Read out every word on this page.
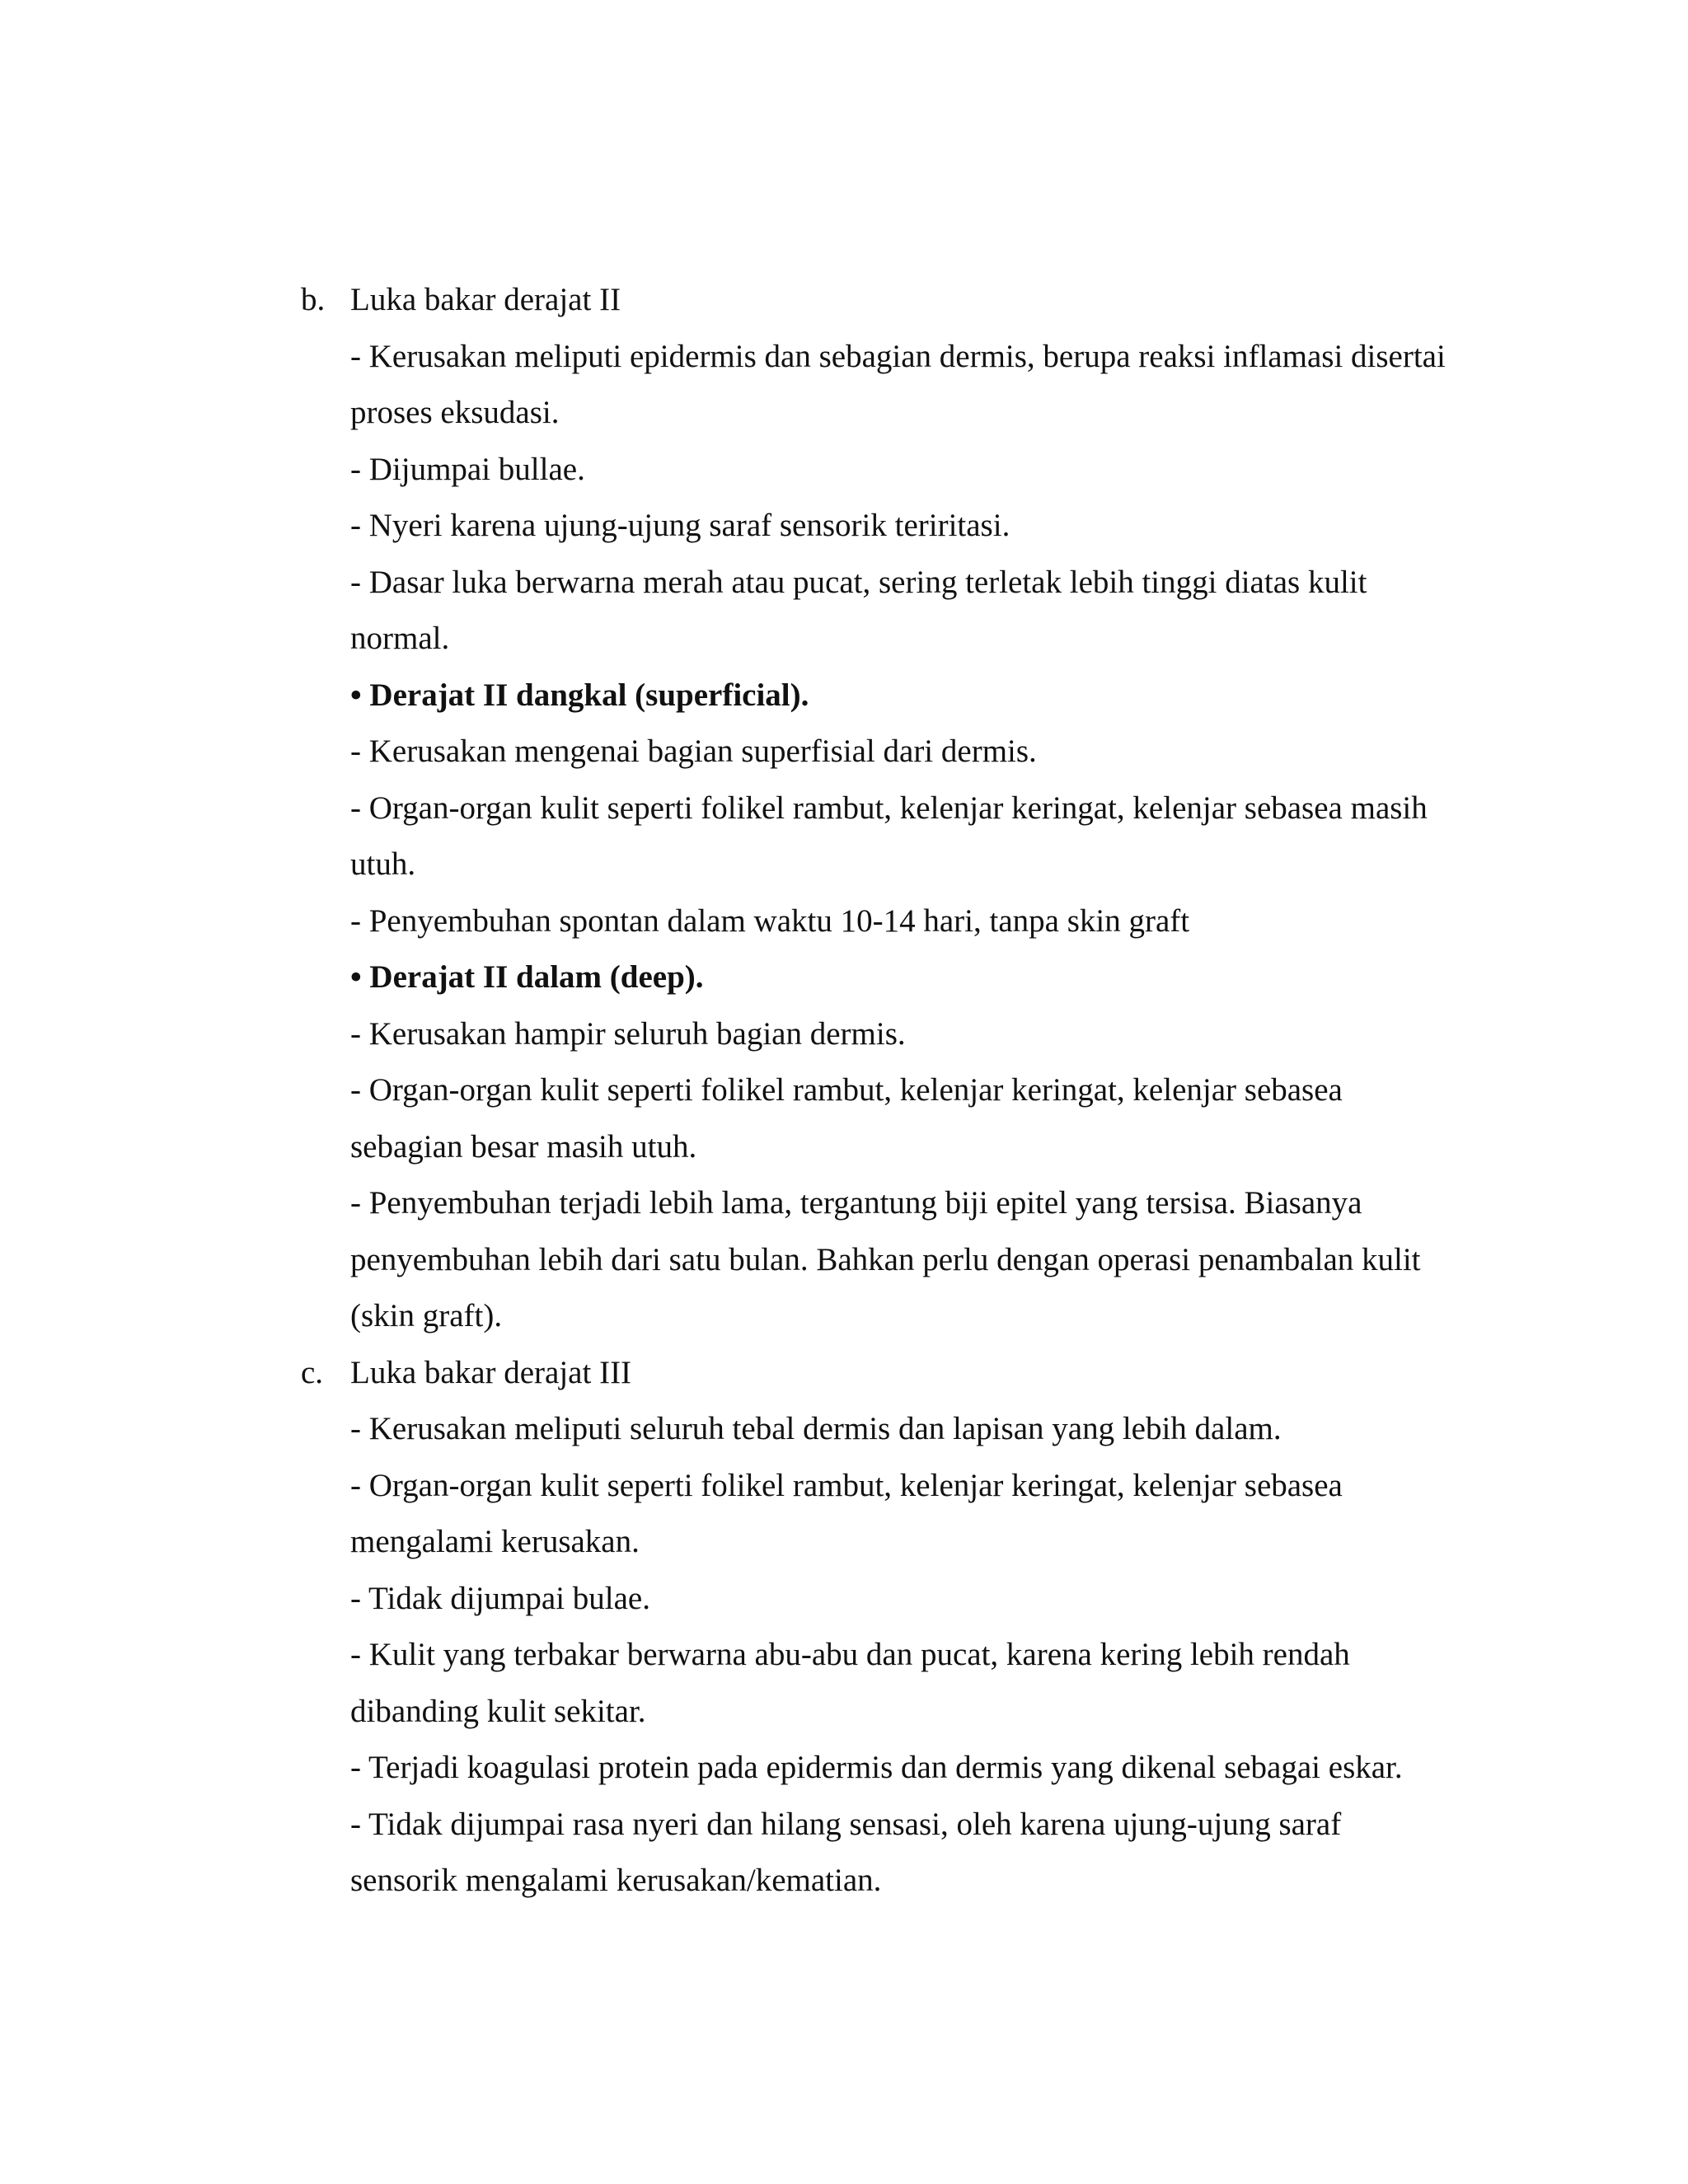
b. Luka bakar derajat II
- Kerusakan meliputi epidermis dan sebagian dermis, berupa reaksi inflamasi disertai
proses eksudasi.
- Dijumpai bullae.
- Nyeri karena ujung-ujung saraf sensorik teriritasi.
- Dasar luka berwarna merah atau pucat, sering terletak lebih tinggi diatas kulit
normal.
• Derajat II dangkal (superficial).
- Kerusakan mengenai bagian superfisial dari dermis.
- Organ-organ kulit seperti folikel rambut, kelenjar keringat, kelenjar sebasea masih
utuh.
- Penyembuhan spontan dalam waktu 10-14 hari, tanpa skin graft
• Derajat II dalam (deep).
- Kerusakan hampir seluruh bagian dermis.
- Organ-organ kulit seperti folikel rambut, kelenjar keringat, kelenjar sebasea
sebagian besar masih utuh.
- Penyembuhan terjadi lebih lama, tergantung biji epitel yang tersisa. Biasanya
penyembuhan lebih dari satu bulan. Bahkan perlu dengan operasi penambalan kulit
(skin graft).
c. Luka bakar derajat III
- Kerusakan meliputi seluruh tebal dermis dan lapisan yang lebih dalam.
- Organ-organ kulit seperti folikel rambut, kelenjar keringat, kelenjar sebasea
mengalami kerusakan.
- Tidak dijumpai bulae.
- Kulit yang terbakar berwarna abu-abu dan pucat, karena kering lebih rendah
dibanding kulit sekitar.
- Terjadi koagulasi protein pada epidermis dan dermis yang dikenal sebagai eskar.
- Tidak dijumpai rasa nyeri dan hilang sensasi, oleh karena ujung-ujung saraf
sensorik mengalami kerusakan/kematian.
